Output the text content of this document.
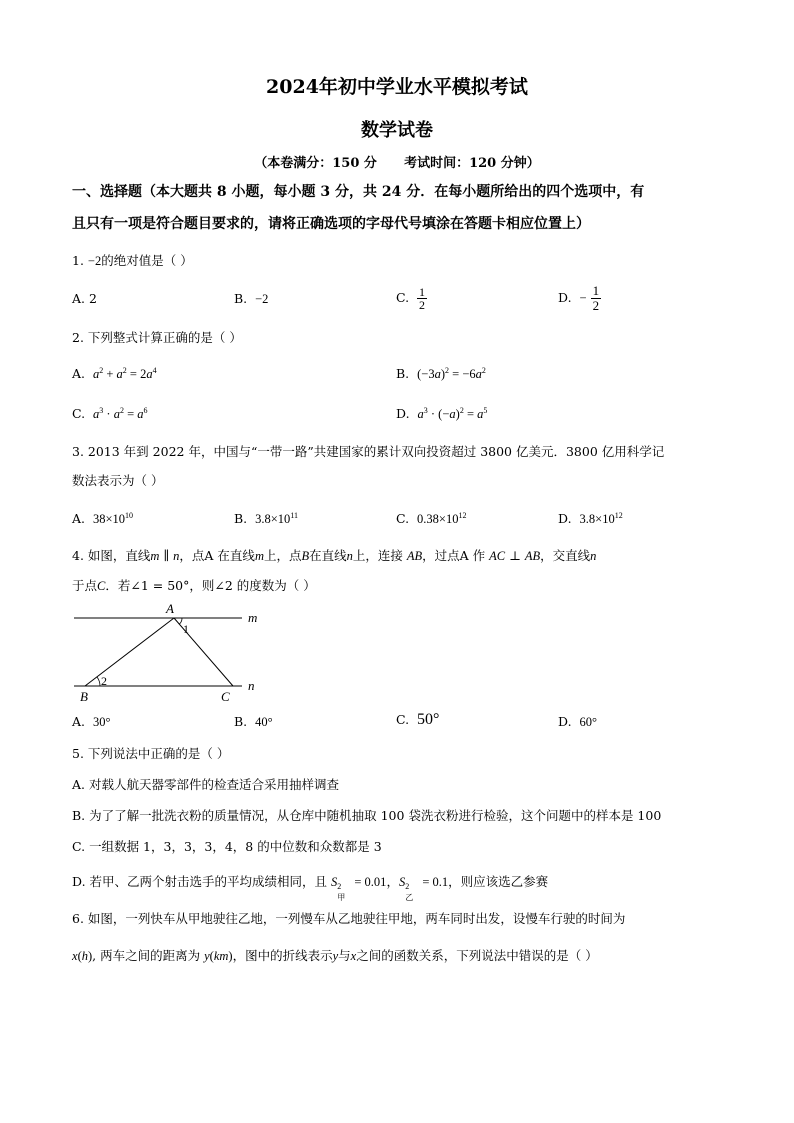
2024年初中学业水平模拟考试
数学试卷
（本卷满分：150 分      考试时间：120 分钟）
一、选择题（本大题共 8 小题，每小题 3 分，共 24 分．在每小题所给出的四个选项中，有
且只有一项是符合题目要求的，请将正确选项的字母代号填涂在答题卡相应位置上）
1. −2的绝对值是（ ）
A. 2	B. −2	C. $\frac{1}{2}$	D. − $\frac{1}{2}$
2. 下列整式计算正确的是（ ）
A. $a^2 + a^2 = 2a^4$	B. $(-3a)^2 = -6a^2$
C. $a^3 \cdot a^2 = a^6$	D. $a^3 \cdot (-a)^2 = a^5$
3. 2013 年到 2022 年，中国与“一带一路”共建国家的累计双向投资超过 3800 亿美元．3800 亿用科学记
数法表示为（ ）
A. $38\times 10^{10}$	B. $3.8\times 10^{11}$	C. $0.38\times 10^{12}$	D. $3.8\times 10^{12}$
4. 如图，直线m ∥ n，点A 在直线m上，点B在直线n上，连接 AB，过点A 作 AC ⊥ AB，交直线n
于点C．若∠1 = 50°，则∠2 的度数为（ ）
A
1
m
2
B	C
n
A. 30°	B. 40°	C. 50°	D. 60°
5. 下列说法中正确的是（ ）
A. 对载人航天器零部件的检查适合采用抽样调查
B. 为了了解一批洗衣粉的质量情况，从仓库中随机抽取 100 袋洗衣粉进行检验，这个问题中的样本是 100
C. 一组数据 1，3，3，3，4，8 的中位数和众数都是 3
D. 若甲、乙两个射击选手的平均成绩相同，且 S 2
甲
= 0.01，S 2
乙
= 0.1，则应该选乙参赛
6. 如图，一列快车从甲地驶往乙地，一列慢车从乙地驶往甲地，两车同时出发，设慢车行驶的时间为
x(h), 两车之间的距离为 y(km)，图中的折线表示y与x之间的函数关系，下列说法中错误的是（ ）
